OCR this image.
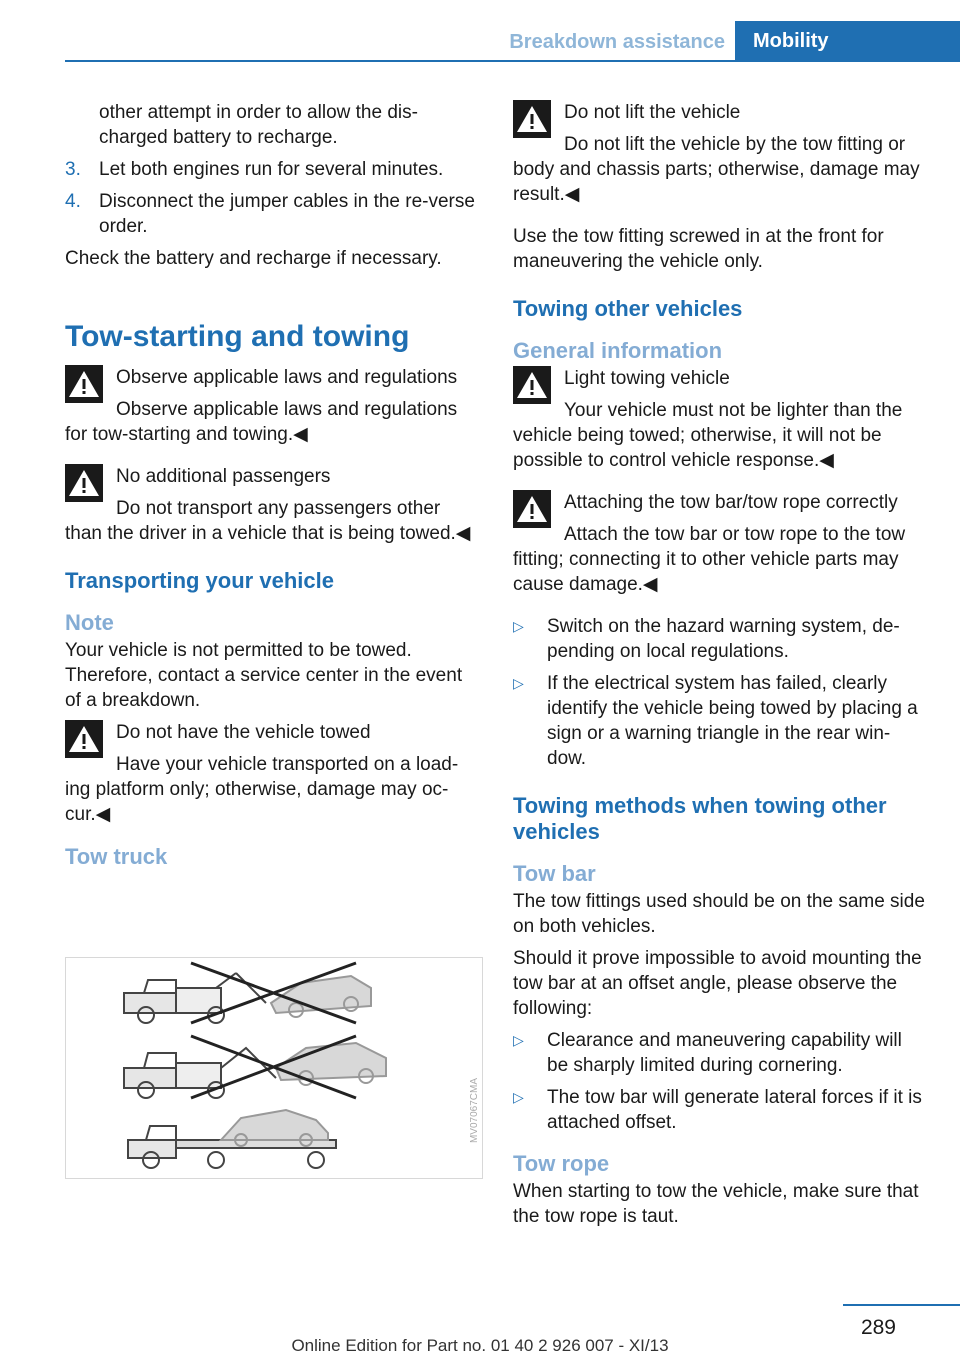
Breakdown assistance	Mobility
other attempt in order to allow the dis-charged battery to recharge.
3. Let both engines run for several minutes.
4. Disconnect the jumper cables in the re-verse order.

Check the battery and recharge if necessary.

Tow-starting and towing
Observe applicable laws and regulations
Observe applicable laws and regulations for tow-starting and towing.◀
No additional passengers
Do not transport any passengers other than the driver in a vehicle that is being towed.◀
Transporting your vehicle
Note

Your vehicle is not permitted to be towed. Therefore, contact a service center in the event of a breakdown.

Do not have the vehicle towed
Have your vehicle transported on a load-ing platform only; otherwise, damage may oc-cur.◀
Tow truck
MV07067CMA
Do not lift the vehicle
Do not lift the vehicle by the tow fitting or body and chassis parts; otherwise, damage may result.◀

Use the tow fitting screwed in at the front for maneuvering the vehicle only.

Towing other vehicles
General information
Light towing vehicle
Your vehicle must not be lighter than the vehicle being towed; otherwise, it will not be possible to control vehicle response.◀
Attaching the tow bar/tow rope correctly
Attach the tow bar or tow rope to the tow fitting; connecting it to other vehicle parts may cause damage.◀
▷ Switch on the hazard warning system, de-pending on local regulations.
▷ If the electrical system has failed, clearly identify the vehicle being towed by placing a sign or a warning triangle in the rear win-dow.
Towing methods when towing other vehicles
Tow bar

The tow fittings used should be on the same side on both vehicles.

Should it prove impossible to avoid mounting the tow bar at an offset angle, please observe the following:

▷ Clearance and maneuvering capability will be sharply limited during cornering.
▷ The tow bar will generate lateral forces if it is attached offset.
Tow rope

When starting to tow the vehicle, make sure that the tow rope is taut.

289
Online Edition for Part no. 01 40 2 926 007 - XI/13
